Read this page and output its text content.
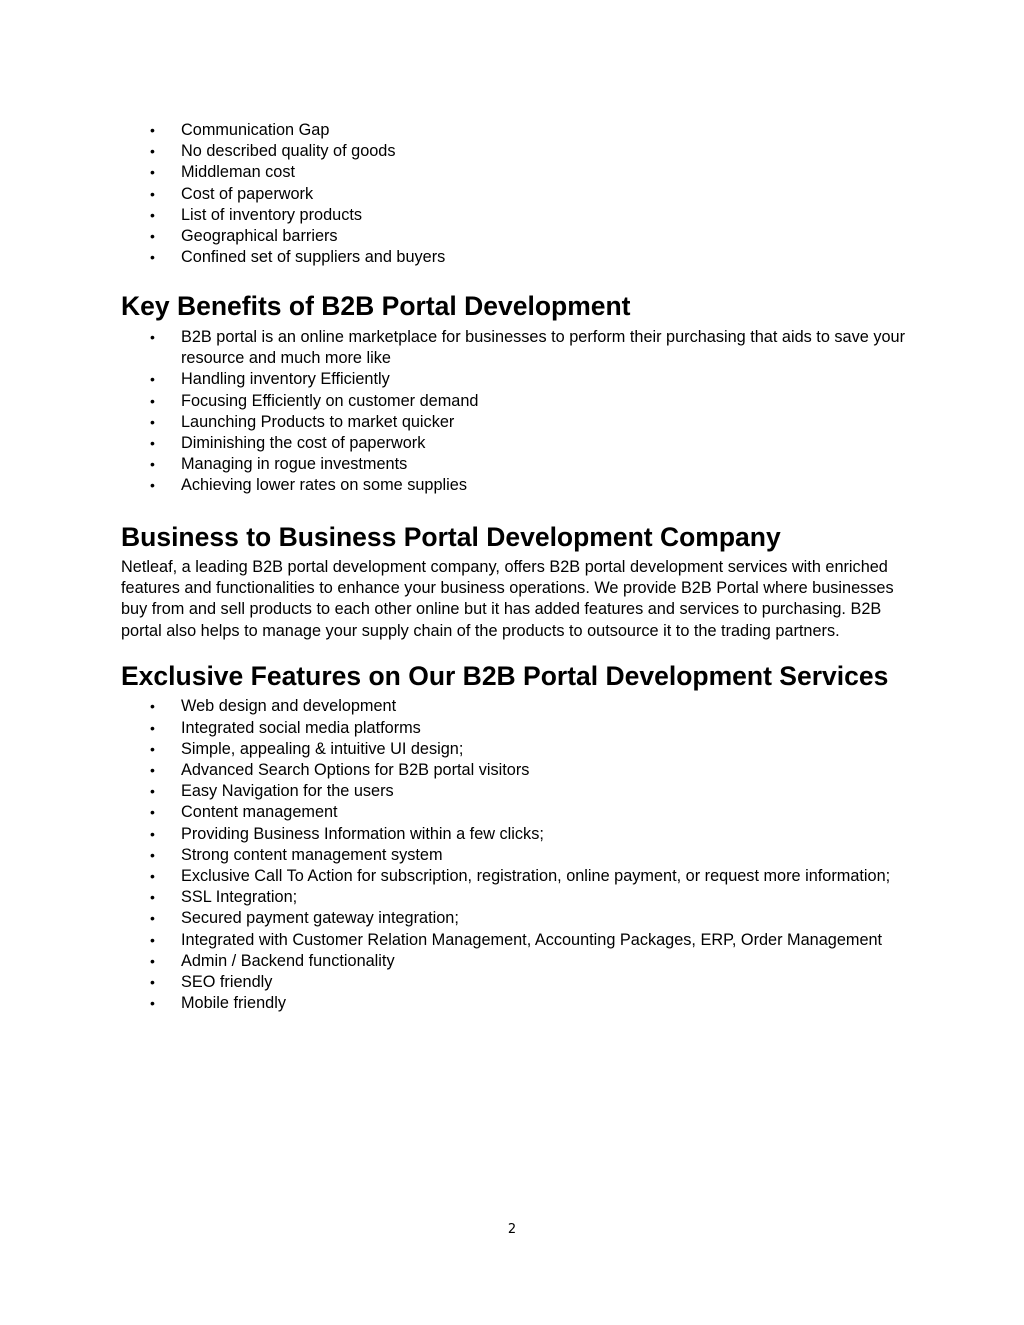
• Communication Gap
• No described quality of goods
• Middleman cost
• Cost of paperwork
• List of inventory products
• Geographical barriers
• Confined set of suppliers and buyers
Key Benefits of B2B Portal Development
• B2B portal is an online marketplace for businesses to perform their purchasing that aids to save your resource and much more like
• Handling inventory Efficiently
• Focusing Efficiently on customer demand
• Launching Products to market quicker
• Diminishing the cost of paperwork
• Managing in rogue investments
• Achieving lower rates on some supplies
Business to Business Portal Development Company

Netleaf, a leading B2B portal development company, offers B2B portal development services with enriched features and functionalities to enhance your business operations. We provide B2B Portal where businesses buy from and sell products to each other online but it has added features and services to purchasing. B2B portal also helps to manage your supply chain of the products to outsource it to the trading partners.

Exclusive Features on Our B2B Portal Development Services
• Web design and development
• Integrated social media platforms
• Simple, appealing & intuitive UI design;
• Advanced Search Options for B2B portal visitors
• Easy Navigation for the users
• Content management
• Providing Business Information within a few clicks;
• Strong content management system
• Exclusive Call To Action for subscription, registration, online payment, or request more information;
• SSL Integration;
• Secured payment gateway integration;
• Integrated with Customer Relation Management, Accounting Packages, ERP, Order Management
• Admin / Backend functionality
• SEO friendly
• Mobile friendly
2
